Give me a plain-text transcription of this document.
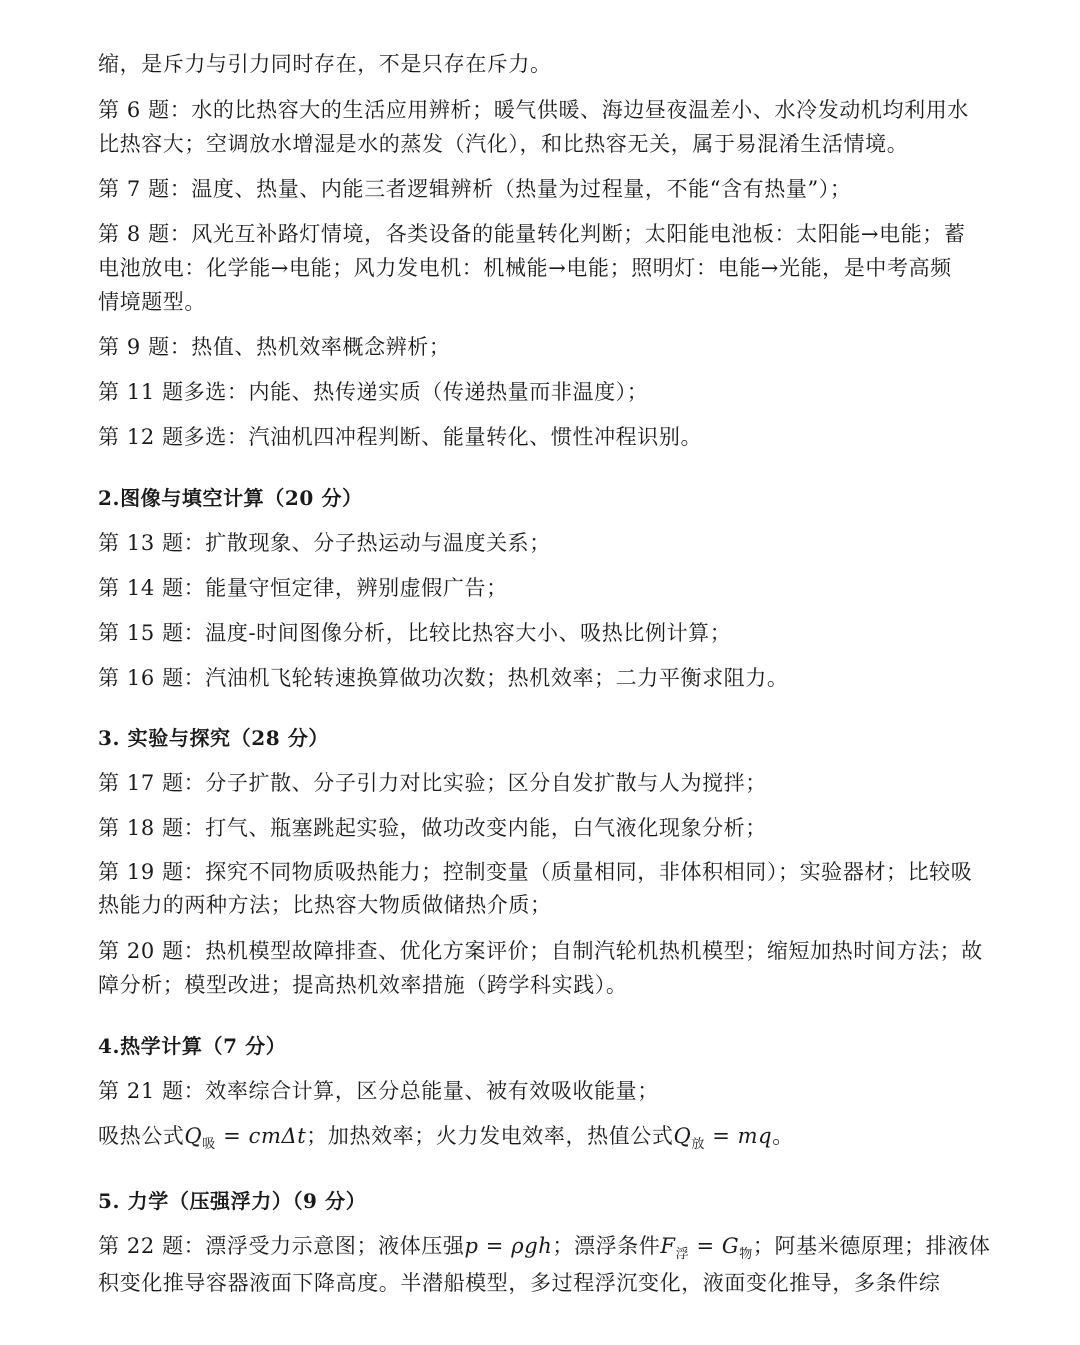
缩，是斥力与引力同时存在，不是只存在斥力。
第 6 题：水的比热容大的生活应用辨析；暖气供暖、海边昼夜温差小、水冷发动机均利用水
比热容大；空调放水增湿是水的蒸发（汽化），和比热容无关，属于易混淆生活情境。
第 7 题：温度、热量、内能三者逻辑辨析（热量为过程量，不能“含有热量”）；
第 8 题：风光互补路灯情境，各类设备的能量转化判断；太阳能电池板：太阳能→电能；蓄
电池放电：化学能→电能；风力发电机：机械能→电能；照明灯：电能→光能，是中考高频
情境题型。
第 9 题：热值、热机效率概念辨析；
第 11 题多选：内能、热传递实质（传递热量而非温度）；
第 12 题多选：汽油机四冲程判断、能量转化、惯性冲程识别。
2.图像与填空计算（20 分）
第 13 题：扩散现象、分子热运动与温度关系；
第 14 题：能量守恒定律，辨别虚假广告；
第 15 题：温度-时间图像分析，比较比热容大小、吸热比例计算；
第 16 题：汽油机飞轮转速换算做功次数；热机效率；二力平衡求阻力。
3. 实验与探究（28 分）
第 17 题：分子扩散、分子引力对比实验；区分自发扩散与人为搅拌；
第 18 题：打气、瓶塞跳起实验，做功改变内能，白气液化现象分析；
第 19 题：探究不同物质吸热能力；控制变量（质量相同，非体积相同）；实验器材；比较吸
热能力的两种方法；比热容大物质做储热介质；
第 20 题：热机模型故障排查、优化方案评价；自制汽轮机热机模型；缩短加热时间方法；故
障分析；模型改进；提高热机效率措施（跨学科实践）。
4.热学计算（7 分）
第 21 题：效率综合计算，区分总能量、被有效吸收能量；
吸热公式$Q_吸 = cm\Delta t$；加热效率；火力发电效率，热值公式$Q_放$ = mq。
5. 力学（压强浮力）（9 分）
第 22 题：漂浮受力示意图；液体压强p = ρgh；漂浮条件$F_浮 = G_物$；阿基米德原理；排液体
积变化推导容器液面下降高度。半潜船模型，多过程浮沉变化，液面变化推导，多条件综
